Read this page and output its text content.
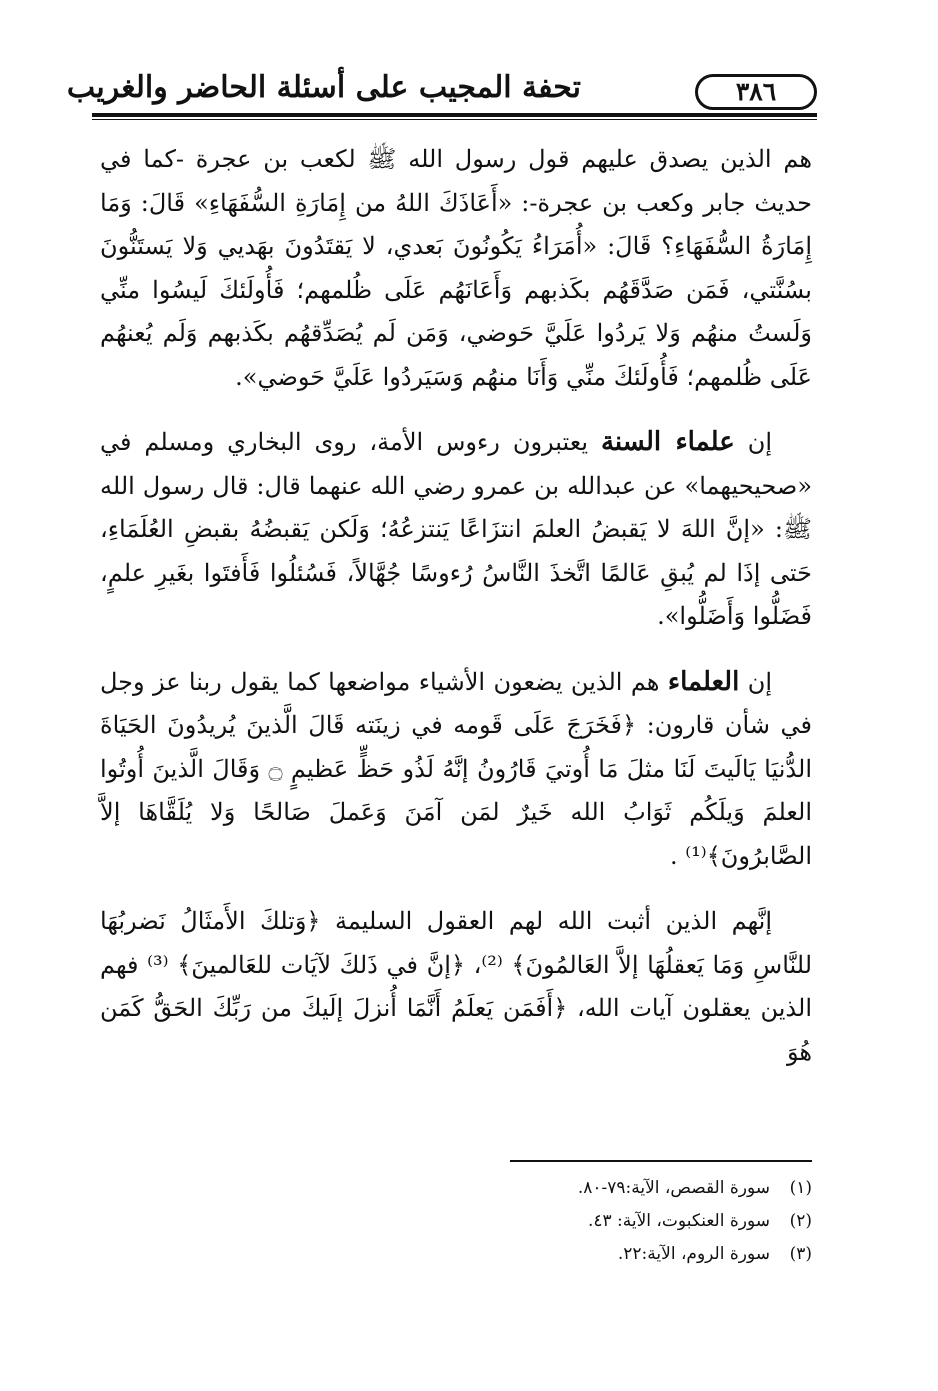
تحفة المجيب على أسئلة الحاضر والغريب	٣٨٦

هم الذين يصدق عليهم قول رسول الله ﷺ لكعب بن عجرة -كما في حديث جابر وكعب بن عجرة-: «أَعَاذَكَ اللهُ من إِمَارَةِ السُّفَهَاءِ» قَالَ: وَمَا إِمَارَةُ السُّفَهَاءِ؟ قَالَ: «أُمَرَاءُ يَكُونُونَ بَعدي، لا يَقتَدُونَ بهَديي وَلا يَستَنُّونَ بسُنَّتي، فَمَن صَدَّقَهُم بكَذبهم وَأَعَانَهُم عَلَى ظُلمهم؛ فَأُولَئكَ لَيسُوا منِّي وَلَستُ منهُم وَلا يَردُوا عَلَيَّ حَوضي، وَمَن لَم يُصَدِّقهُم بكَذبهم وَلَم يُعنهُم عَلَى ظُلمهم؛ فَأُولَئكَ منِّي وَأَنَا منهُم وَسَيَردُوا عَلَيَّ حَوضي».

إن علماء السنة يعتبرون رءوس الأمة، روى البخاري ومسلم في «صحيحيهما» عن عبدالله بن عمرو رضي الله عنهما قال: قال رسول الله ﷺ: «إنَّ اللهَ لا يَقبضُ العلمَ انتزَاعًا يَنتزعُهُ؛ وَلَكن يَقبضُهُ بقبضِ العُلَمَاءِ، حَتى إذَا لم يُبقِ عَالمًا اتَّخذَ النَّاسُ رُءوسًا جُهَّالاً، فَسُئلُوا فَأَفتَوا بغَيرِ علمٍ، فَضَلُّوا وَأَضَلُّوا».

إن العلماء هم الذين يضعون الأشياء مواضعها كما يقول ربنا عز وجل في شأن قارون: ﴿فَخَرَجَ عَلَى قَومه في زينَته قَالَ الَّذينَ يُريدُونَ الحَيَاةَ الدُّنيَا يَالَيتَ لَنَا مثلَ مَا أُوتيَ قَارُونُ إنَّهُ لَذُو حَظٍّ عَظيمٍ ۝ وَقَالَ الَّذينَ أُوتُوا العلمَ وَيلَكُم ثَوَابُ الله خَيرٌ لمَن آمَنَ وَعَملَ صَالحًا وَلا يُلَقَّاهَا إلاَّ الصَّابرُونَ﴾⁽¹⁾ .

إنَّهم الذين أثبت الله لهم العقول السليمة ﴿وَتلكَ الأَمثَالُ نَضربُهَا للنَّاسِ وَمَا يَعقلُهَا إلاَّ العَالمُونَ﴾ ⁽²⁾، ﴿إنَّ في ذَلكَ لآيَات للعَالمينَ﴾ ⁽³⁾ فهم الذين يعقلون آيات الله، ﴿أَفَمَن يَعلَمُ أَنَّمَا أُنزلَ إلَيكَ من رَبِّكَ الحَقُّ كَمَن هُوَ

(١)
سورة القصص، الآية:٧٩-٨٠.
(٢)
سورة العنكبوت، الآية: ٤٣.
(٣)
سورة الروم، الآية:٢٢.
